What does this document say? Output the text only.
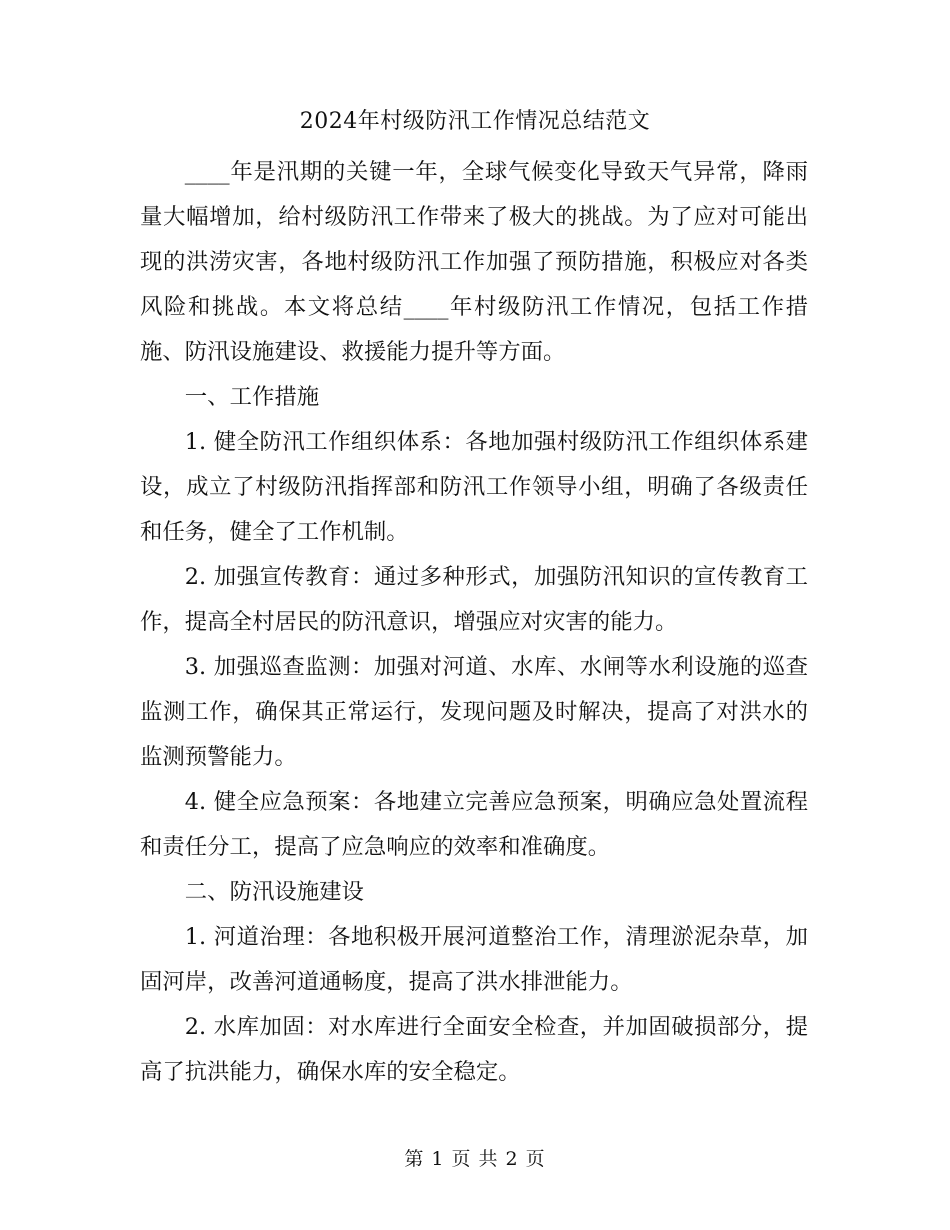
2024年村级防汛工作情况总结范文

____年是汛期的关键一年，全球气候变化导致天气异常，降雨量大幅增加，给村级防汛工作带来了极大的挑战。为了应对可能出现的洪涝灾害，各地村级防汛工作加强了预防措施，积极应对各类风险和挑战。本文将总结____年村级防汛工作情况，包括工作措施、防汛设施建设、救援能力提升等方面。

一、工作措施

1. 健全防汛工作组织体系：各地加强村级防汛工作组织体系建设，成立了村级防汛指挥部和防汛工作领导小组，明确了各级责任和任务，健全了工作机制。

2. 加强宣传教育：通过多种形式，加强防汛知识的宣传教育工作，提高全村居民的防汛意识，增强应对灾害的能力。

3. 加强巡查监测：加强对河道、水库、水闸等水利设施的巡查监测工作，确保其正常运行，发现问题及时解决，提高了对洪水的监测预警能力。

4. 健全应急预案：各地建立完善应急预案，明确应急处置流程和责任分工，提高了应急响应的效率和准确度。

二、防汛设施建设

1. 河道治理：各地积极开展河道整治工作，清理淤泥杂草，加固河岸，改善河道通畅度，提高了洪水排泄能力。

2. 水库加固：对水库进行全面安全检查，并加固破损部分，提高了抗洪能力，确保水库的安全稳定。

第 1 页 共 2 页
